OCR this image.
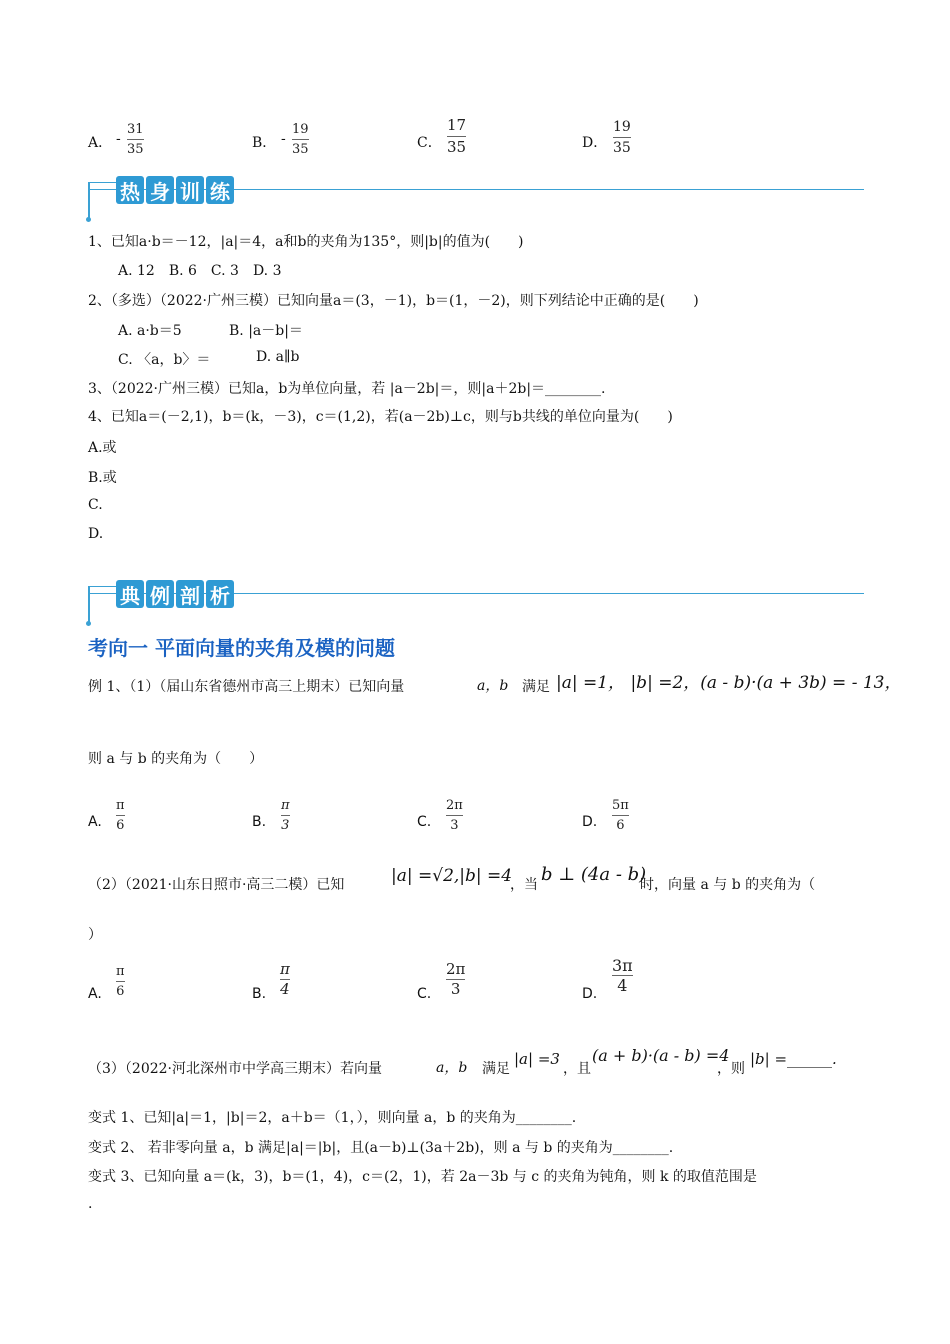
A． -
31
35	B． -
19
35	C．
17
35	D．
19
35
热 身 训 练
1、已知a·b＝－12，|a|＝4，a和b的夹角为135°，则|b|的值为(　　)
A. 12　B. 6　C. 3　D. 3
2、（多选）（2022·广州三模）已知向量a＝(3，－1)，b＝(1，－2)，则下列结论中正确的是(　　)
A. a·b＝5	B. |a－b|＝
C. 〈a，b〉＝	D. a∥b
3、（2022·广州三模）已知a，b为单位向量，若 |a－2b|＝，则|a＋2b|＝________.
4、已知a＝(－2,1)，b＝(k，－3)，c＝(1,2)，若(a－2b)⊥c，则与b共线的单位向量为(　　)
A.或
B.或
C.
D.
典 例 剖 析
考向一 平面向量的夹角及模的问题
例 1、（1）（届山东省德州市高三上期末）已知向量	a，b 满足 |a| =1， |b| =2，(a - b)·(a + 3b) = - 13，
则 a 与 b 的夹角为（　　）
A.
π
6	B.
π
3	C.
2π
3	D.
5π
6
（2）（2021·山东日照市·高三二模）已知	|a| =√2,|b| =4
，当 b ⊥ (4a - b)
时，向量 a 与 b 的夹角为（
）
A.
π
6	B.
π
4	C.
2π
3	D.
3π
4
（3）（2022·河北深州市中学高三期末）若向量	a，b 满足
|a| =3
，且
(a + b)·(a - b) =4
，则
|b| =______.
变式 1、已知|a|＝1，|b|＝2，a＋b＝（1，），则向量 a，b 的夹角为________.
变式 2、 若非零向量 a，b 满足|a|＝|b|，且(a－b)⊥(3a＋2b)，则 a 与 b 的夹角为________.
变式 3、已知向量 a＝(k，3)，b＝(1，4)，c＝(2，1)，若 2a－3b 与 c 的夹角为钝角，则 k 的取值范围是
.
